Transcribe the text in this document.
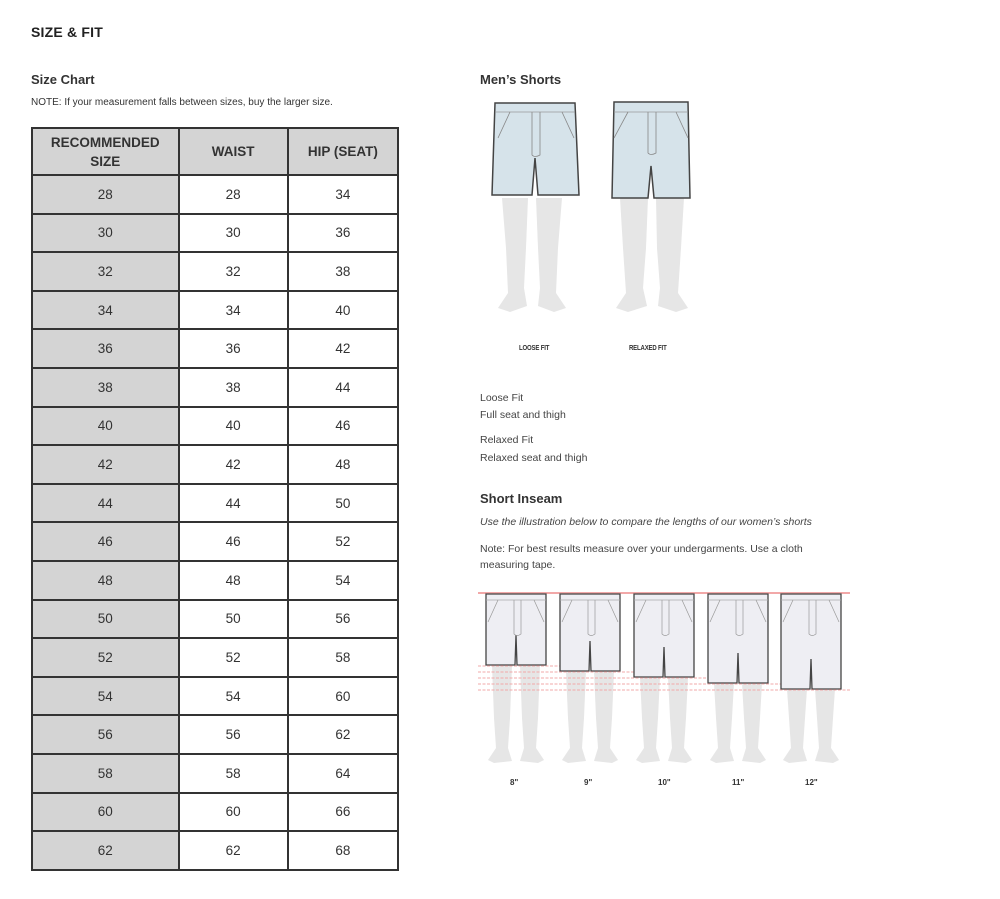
SIZE & FIT
Size Chart
NOTE: If your measurement falls between sizes, buy the larger size.
RECOMMENDED SIZE	WAIST	HIP (SEAT)
28	28	34
30	30	36
32	32	38
34	34	40
36	36	42
38	38	44
40	40	46
42	42	48
44	44	50
46	46	52
48	48	54
50	50	56
52	52	58
54	54	60
56	56	62
58	58	64
60	60	66
62	62	68
Men’s Shorts
LOOSE FIT	RELAXED FIT
Loose Fit
Full seat and thigh
Relaxed Fit
Relaxed seat and thigh
Short Inseam
Use the illustration below to compare the lengths of our women’s shorts
Note: For best results measure over your undergarments. Use a cloth measuring tape.
8"	9"	10"	11"	12"
